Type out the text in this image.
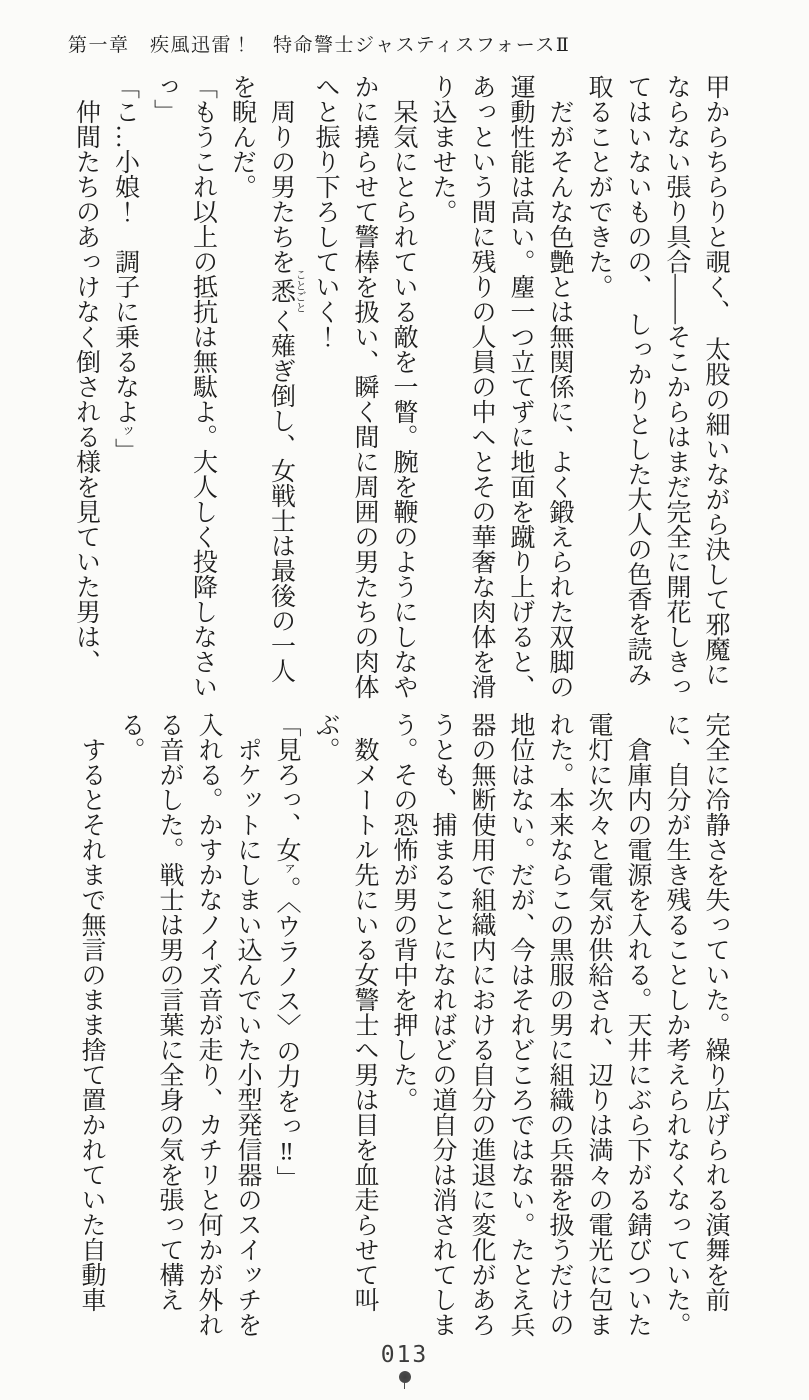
第一章　疾風迅雷！　特命警士ジャスティスフォースⅡ

甲からちらりと覗く、　太股の細いながら決して邪魔にならない張り具合――そこからはまだ完全に開花しきってはいないものの、　しっかりとした大人の色香を読み取ることができた。

だがそんな色艶とは無関係に、よく鍛えられた双脚の運動性能は高い。塵一つ立てずに地面を蹴り上げると、あっという間に残りの人員の中へとその華奢な肉体を滑り込ませた。

呆気にとられている敵を一瞥。腕を鞭のようにしなやかに撓らせて警棒を扱い、瞬く間に周囲の男たちの肉体へと振り下ろしていく！

周りの男たちを悉 ことごとく薙ぎ倒し、女戦士は最後の一人を睨んだ。

「もうこれ以上の抵抗は無駄よ。大人しく投降しなさいっ」

「こ…小娘！　調子に乗るなよッ」

仲間たちのあっけなく倒される様を見ていた男は、

完全に冷静さを失っていた。繰り広げられる演舞を前に、自分が生き残ることしか考えられなくなっていた。

倉庫内の電源を入れる。天井にぶら下がる錆びついた電灯に次々と電気が供給され、辺りは満々の電光に包まれた。本来ならこの黒服の男に組織の兵器を扱うだけの地位はない。だが、今はそれどころではない。たとえ兵器の無断使用で組織内における自分の進退に変化があろうとも、捕まることになればどの道自分は消されてしまう。その恐怖が男の背中を押した。

数メートル先にいる女警士へ男は目を血走らせて叫ぶ。

「見ろっ、女ァ。〈ウラノス〉の力をっ‼」

ポケットにしまい込んでいた小型発信器のスイッチを入れる。かすかなノイズ音が走り、カチリと何かが外れる音がした。戦士は男の言葉に全身の気を張って構える。

するとそれまで無言のまま捨て置かれていた自動車

013
